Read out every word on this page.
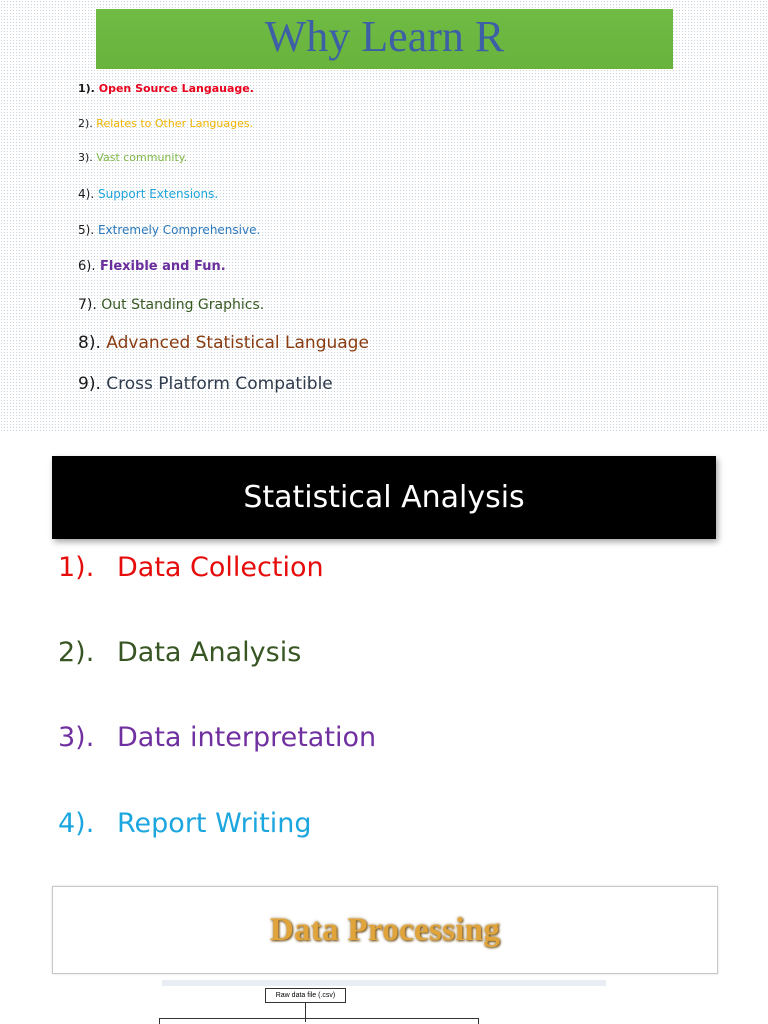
Why Learn R
1). Open Source Langauage.
2). Relates to Other Languages.
3). Vast community.
4). Support Extensions.
5). Extremely Comprehensive.
6). Flexible and Fun.
7). Out Standing Graphics.
8). Advanced Statistical Language
9). Cross Platform Compatible
Statistical Analysis
1). Data Collection
2). Data Analysis
3). Data interpretation
4). Report Writing
Data Processing
Raw data file (.csv)
